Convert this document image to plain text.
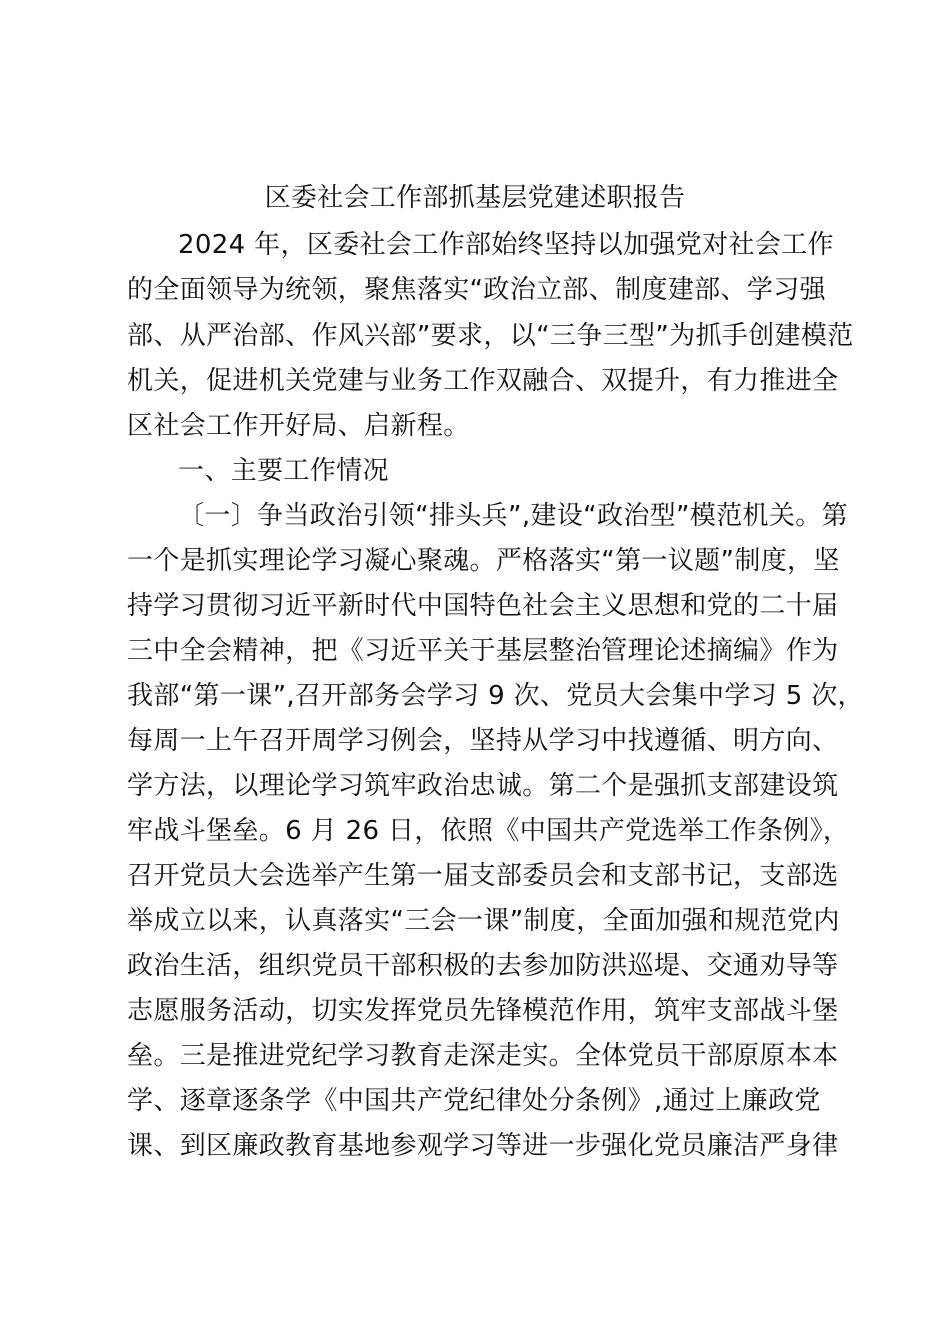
区委社会工作部抓基层党建述职报告
2024 年，区委社会工作部始终坚持以加强党对社会工作
的全面领导为统领，聚焦落实“政治立部、制度建部、学习强
部、从严治部、作风兴部”要求，以“三争三型”为抓手创建模范
机关，促进机关党建与业务工作双融合、双提升，有力推进全
区社会工作开好局、启新程。
一、主要工作情况
〔一〕争当政治引领“排头兵”,建设“政治型”模范机关。第
一个是抓实理论学习凝心聚魂。严格落实“第一议题”制度，坚
持学习贯彻习近平新时代中国特色社会主义思想和党的二十届
三中全会精神，把《习近平关于基层整治管理论述摘编》作为
我部“第一课”,召开部务会学习 9 次、党员大会集中学习 5 次，
每周一上午召开周学习例会，坚持从学习中找遵循、明方向、
学方法，以理论学习筑牢政治忠诚。第二个是强抓支部建设筑
牢战斗堡垒。6 月 26 日，依照《中国共产党选举工作条例》，
召开党员大会选举产生第一届支部委员会和支部书记，支部选
举成立以来，认真落实“三会一课”制度，全面加强和规范党内
政治生活，组织党员干部积极的去参加防洪巡堤、交通劝导等
志愿服务活动，切实发挥党员先锋模范作用，筑牢支部战斗堡
垒。三是推进党纪学习教育走深走实。全体党员干部原原本本
学、逐章逐条学《中国共产党纪律处分条例》,通过上廉政党
课、到区廉政教育基地参观学习等进一步强化党员廉洁严身律
